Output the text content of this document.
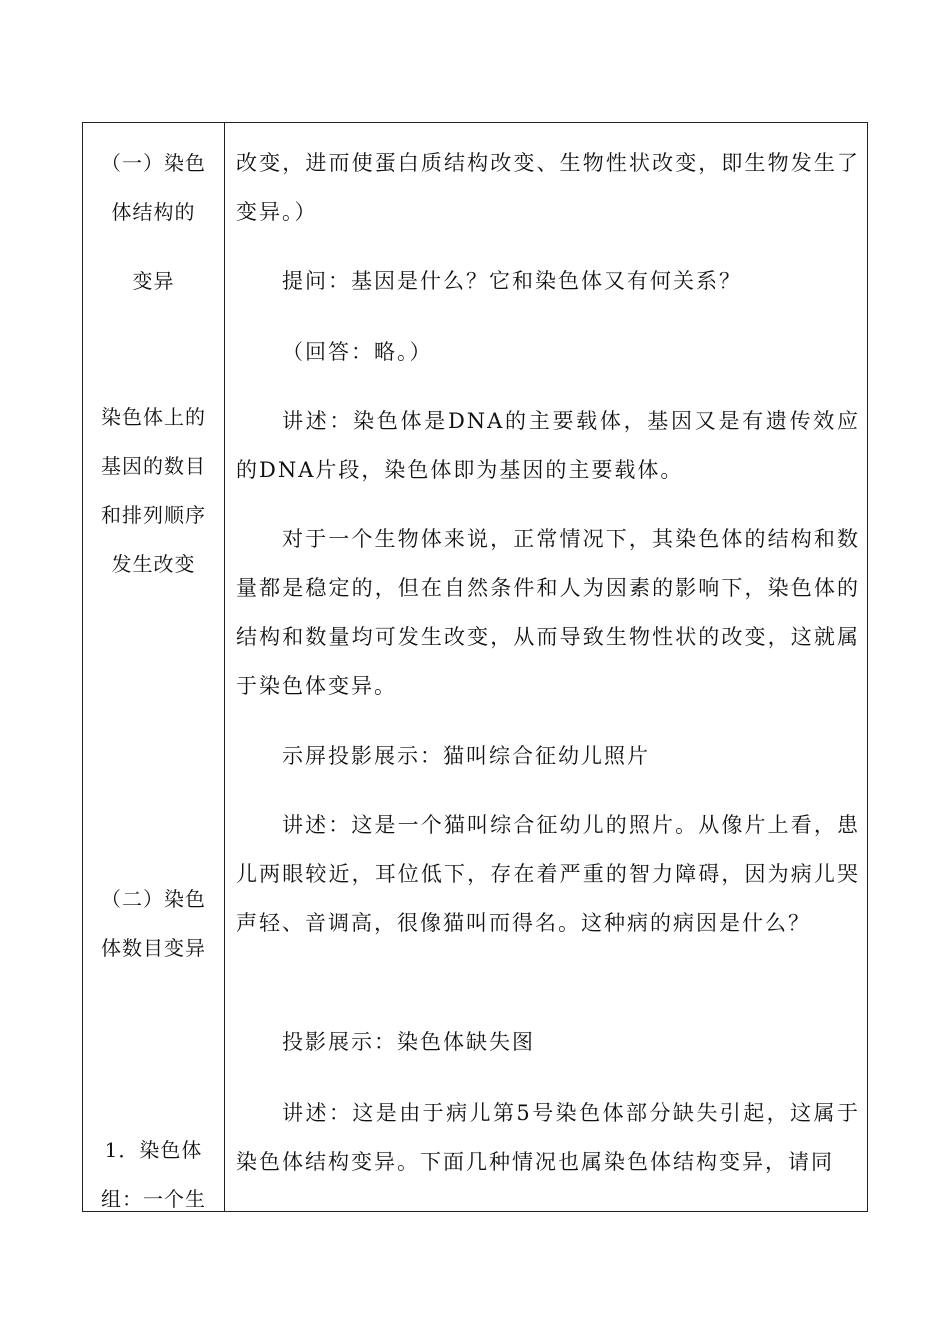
（一）染色体结构的
变异
染色体上的基因的数目和排列顺序发生改变
（二）染色体数目变异
1．染色体组：一个生

改变，进而使蛋白质结构改变、生物性状改变，即生物发生了变异。）

提问：基因是什么？它和染色体又有何关系？

（回答：略。）

讲述：染色体是DNA的主要载体，基因又是有遗传效应的DNA片段，染色体即为基因的主要载体。

对于一个生物体来说，正常情况下，其染色体的结构和数量都是稳定的，但在自然条件和人为因素的影响下，染色体的结构和数量均可发生改变，从而导致生物性状的改变，这就属于染色体变异。

示屏投影展示：猫叫综合征幼儿照片

讲述：这是一个猫叫综合征幼儿的照片。从像片上看，患儿两眼较近，耳位低下，存在着严重的智力障碍，因为病儿哭声轻、音调高，很像猫叫而得名。这种病的病因是什么？

投影展示：染色体缺失图

讲述：这是由于病儿第5号染色体部分缺失引起，这属于染色体结构变异。下面几种情况也属染色体结构变异，请同
